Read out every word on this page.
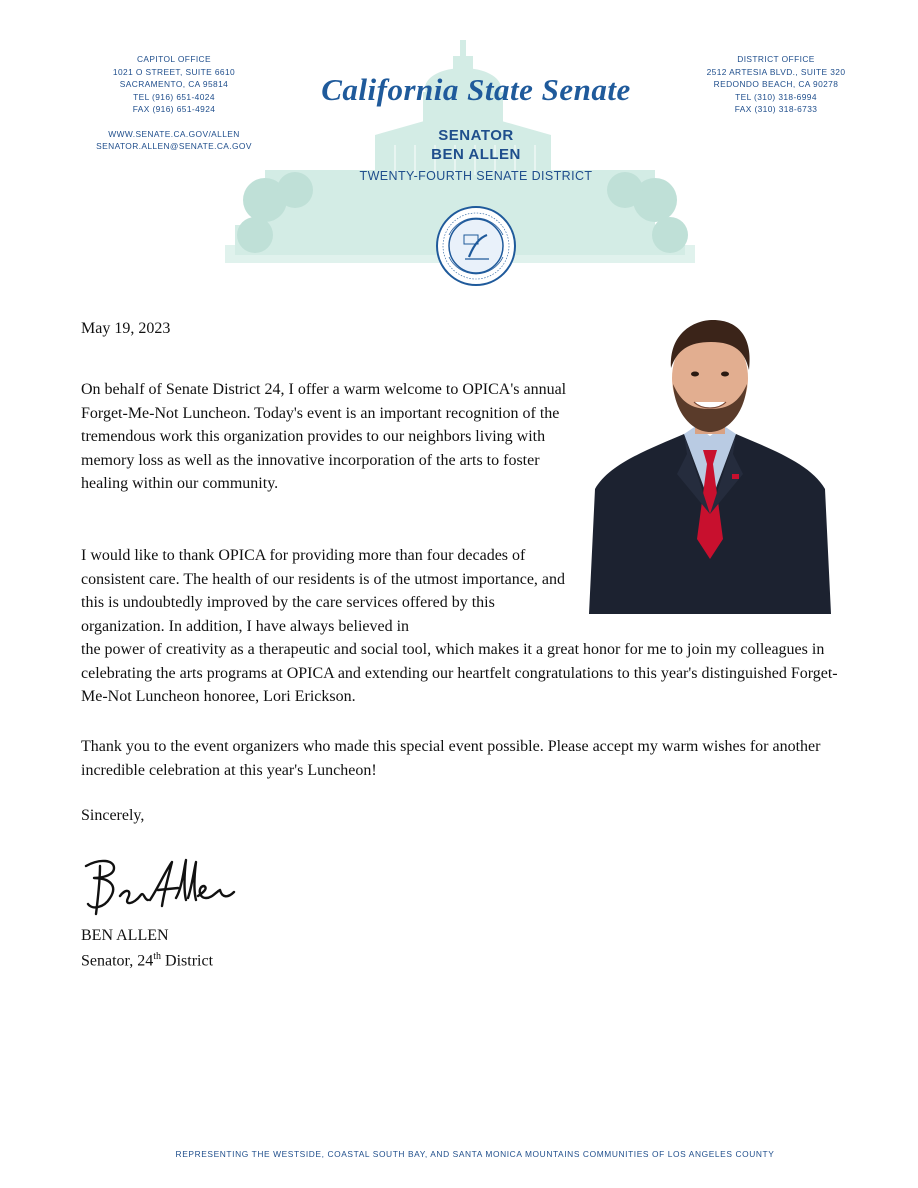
CAPITOL OFFICE
1021 O STREET, SUITE 6610
SACRAMENTO, CA 95814
TEL (916) 651-4024
FAX (916) 651-4924
WWW.SENATE.CA.GOV/ALLEN
SENATOR.ALLEN@SENATE.CA.GOV
DISTRICT OFFICE
2512 ARTESIA BLVD., SUITE 320
REDONDO BEACH, CA 90278
TEL (310) 318-6994
FAX (310) 318-6733
California State Senate
SENATOR
BEN ALLEN
TWENTY-FOURTH SENATE DISTRICT
May 19, 2023

On behalf of Senate District 24, I offer a warm welcome to OPICA's annual Forget-Me-Not Luncheon. Today's event is an important recognition of the tremendous work this organization provides to our neighbors living with memory loss as well as the innovative incorporation of the arts to foster healing within our community.

I would like to thank OPICA for providing more than four decades of consistent care. The health of our residents is of the utmost importance, and this is undoubtedly improved by the care services offered by this organization. In addition, I have always believed in

the power of creativity as a therapeutic and social tool, which makes it a great honor for me to join my colleagues in celebrating the arts programs at OPICA and extending our heartfelt congratulations to this year's distinguished Forget-Me-Not Luncheon honoree, Lori Erickson.

Thank you to the event organizers who made this special event possible. Please accept my warm wishes for another incredible celebration at this year's Luncheon!

Sincerely,
BEN ALLEN
Senator, 24th District
REPRESENTING THE WESTSIDE, COASTAL SOUTH BAY, AND SANTA MONICA MOUNTAINS COMMUNITIES OF LOS ANGELES COUNTY
